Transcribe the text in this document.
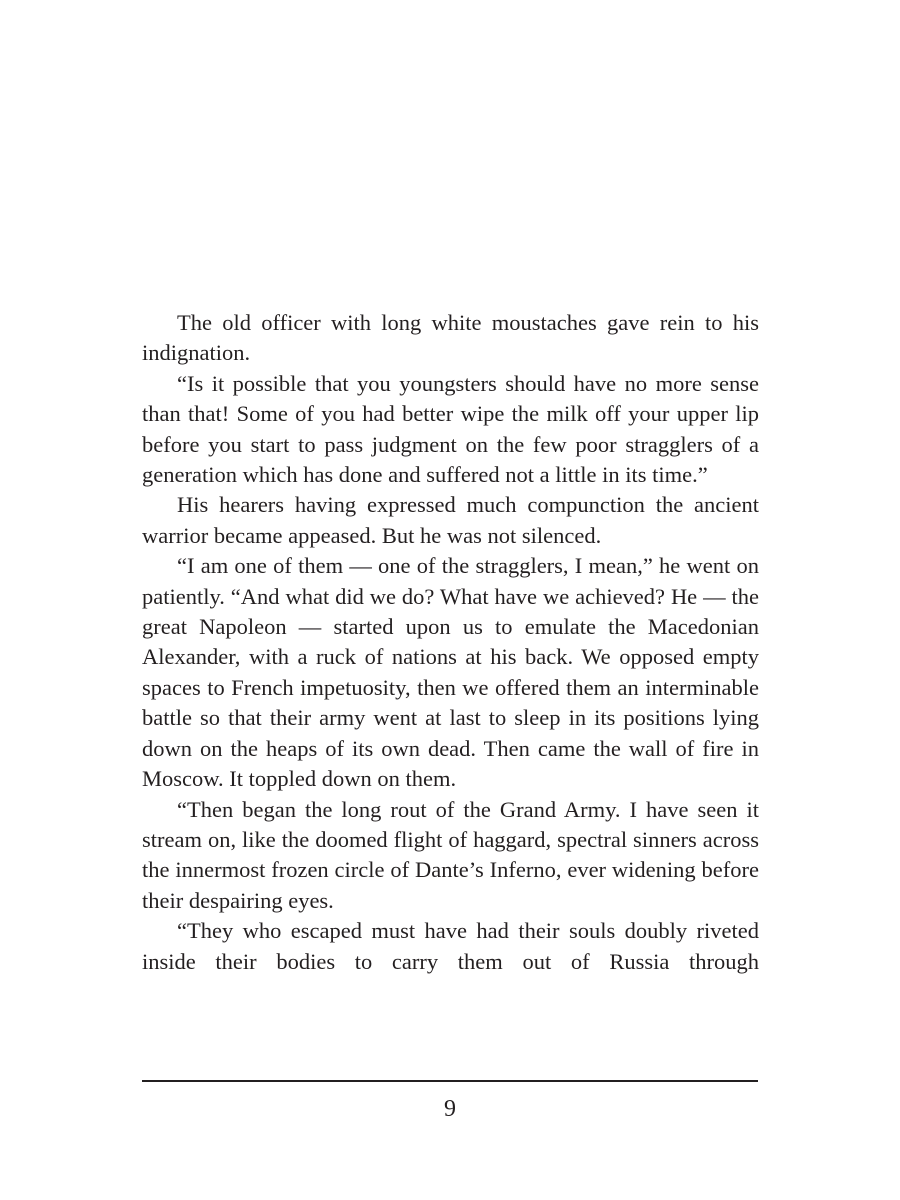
The old officer with long white moustaches gave rein to his indignation.

“Is it possible that you youngsters should have no more sense than that! Some of you had better wipe the milk off your upper lip before you start to pass judgment on the few poor stragglers of a generation which has done and suffered not a little in its time.”

His hearers having expressed much compunction the ancient warrior became appeased. But he was not silenced.

“I am one of them — one of the stragglers, I mean,” he went on patiently. “And what did we do? What have we achieved? He — the great Napoleon — started upon us to emulate the Macedonian Alexander, with a ruck of nations at his back. We opposed empty spaces to French impetuosity, then we offered them an interminable battle so that their army went at last to sleep in its positions lying down on the heaps of its own dead. Then came the wall of fire in Moscow. It toppled down on them.

“Then began the long rout of the Grand Army. I have seen it stream on, like the doomed flight of haggard, spectral sinners across the innermost frozen circle of Dante’s Inferno, ever widening before their despairing eyes.

“They who escaped must have had their souls doubly riveted inside their bodies to carry them out of Russia through

9
